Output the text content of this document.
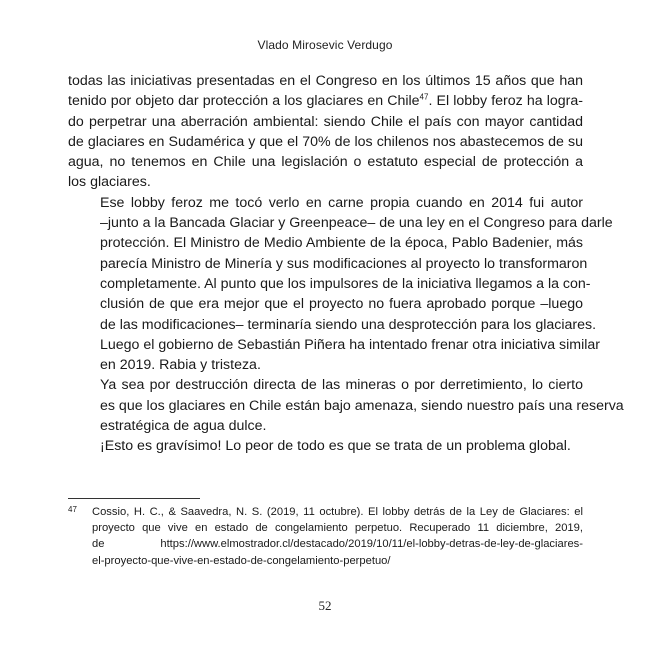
Vlado Mirosevic Verdugo

todas las iniciativas presentadas en el Congreso en los últimos 15 años que han
tenido por objeto dar protección a los glaciares en Chile$^{47}$. El lobby feroz ha logra-
do perpetrar una aberración ambiental: siendo Chile el país con mayor cantidad
de glaciares en Sudamérica y que el 70% de los chilenos nos abastecemos de su
agua, no tenemos en Chile una legislación o estatuto especial de protección a
los glaciares.

Ese lobby feroz me tocó verlo en carne propia cuando en 2014 fui autor
–junto a la Bancada Glaciar y Greenpeace– de una ley en el Congreso para darle
protección. El Ministro de Medio Ambiente de la época, Pablo Badenier, más
parecía Ministro de Minería y sus modificaciones al proyecto lo transformaron
completamente. Al punto que los impulsores de la iniciativa llegamos a la con-
clusión de que era mejor que el proyecto no fuera aprobado porque –luego
de las modificaciones– terminaría siendo una desprotección para los glaciares.
Luego el gobierno de Sebastián Piñera ha intentado frenar otra iniciativa similar
en 2019. Rabia y tristeza.

Ya sea por destrucción directa de las mineras o por derretimiento, lo cierto
es que los glaciares en Chile están bajo amenaza, siendo nuestro país una reserva
estratégica de agua dulce.

¡Esto es gravísimo! Lo peor de todo es que se trata de un problema global.

47 Cossio, H. C., & Saavedra, N. S. (2019, 11 octubre). El lobby detrás de la Ley de Glaciares: el
proyecto que vive en estado de congelamiento perpetuo. Recuperado 11 diciembre, 2019,
de https://www.elmostrador.cl/destacado/2019/10/11/el-lobby-detras-de-ley-de-glaciares-
el-proyecto-que-vive-en-estado-de-congelamiento-perpetuo/
52
